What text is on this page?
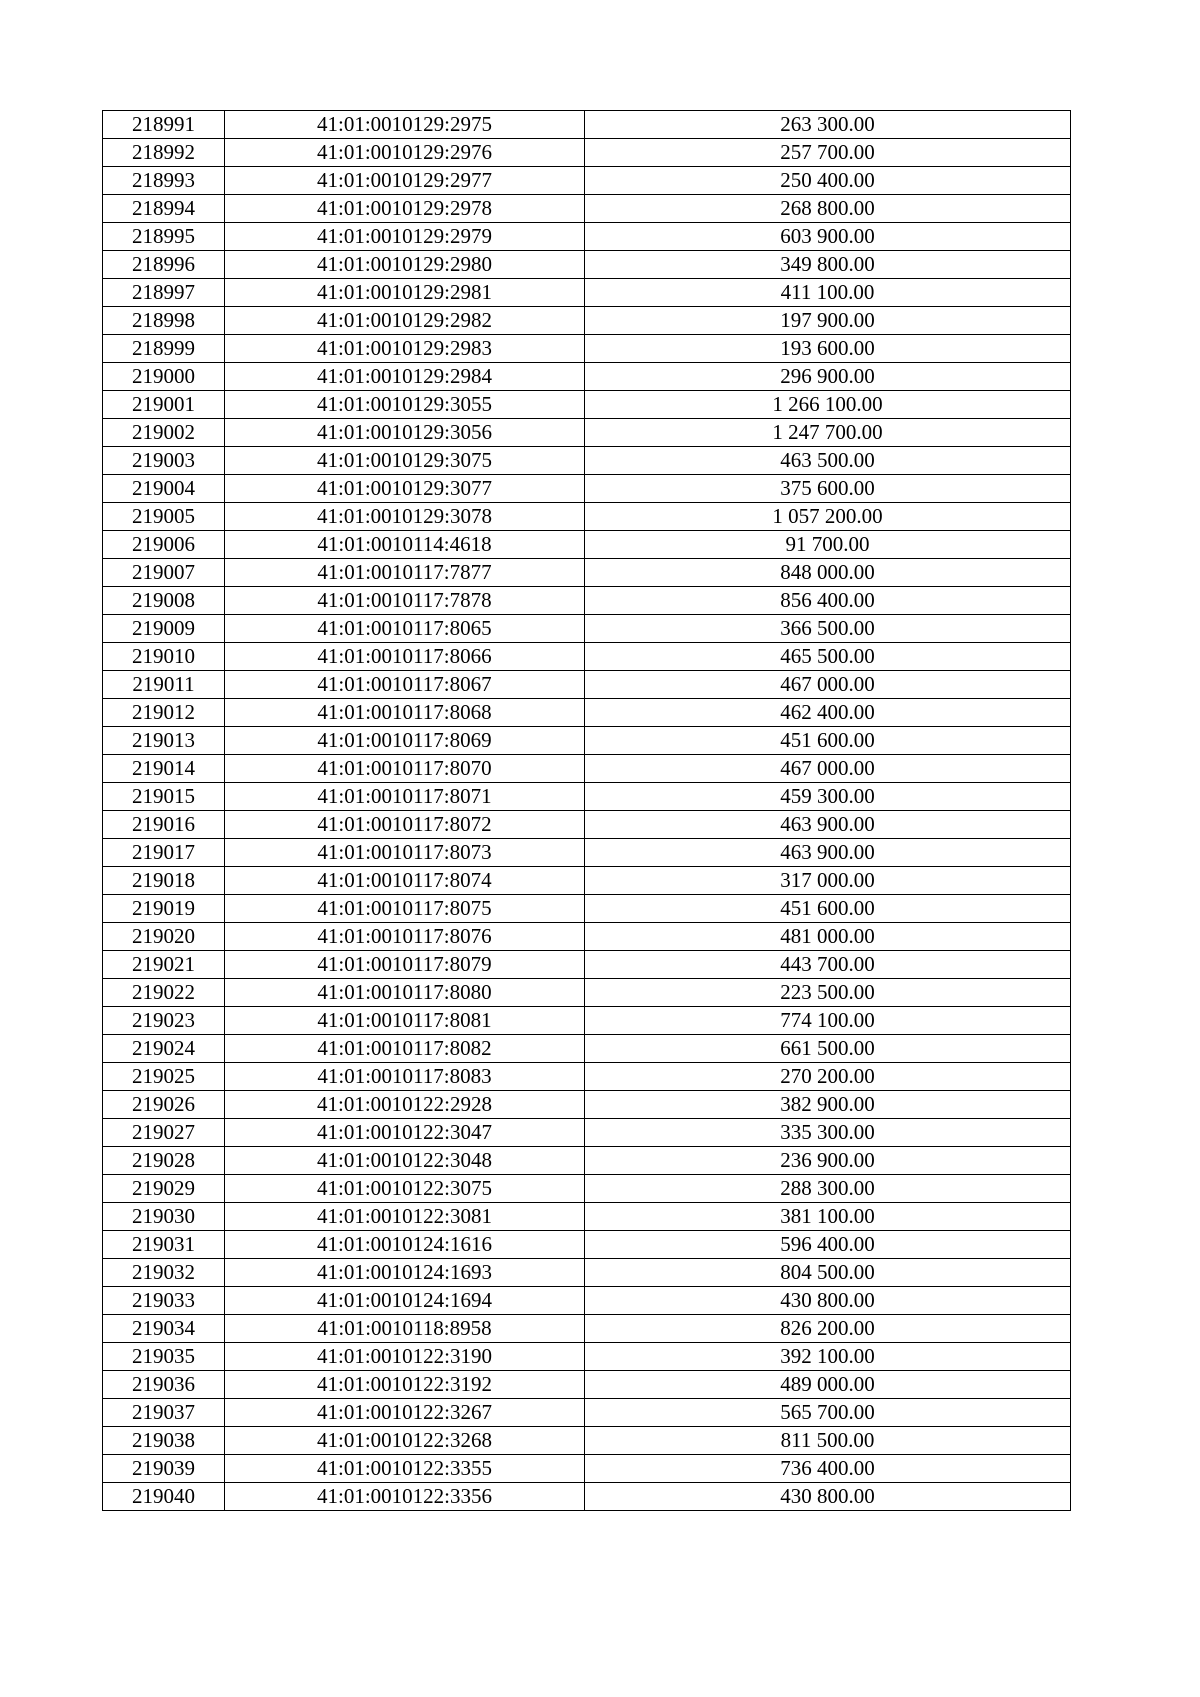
218991	41:01:0010129:2975	263 300.00
218992	41:01:0010129:2976	257 700.00
218993	41:01:0010129:2977	250 400.00
218994	41:01:0010129:2978	268 800.00
218995	41:01:0010129:2979	603 900.00
218996	41:01:0010129:2980	349 800.00
218997	41:01:0010129:2981	411 100.00
218998	41:01:0010129:2982	197 900.00
218999	41:01:0010129:2983	193 600.00
219000	41:01:0010129:2984	296 900.00
219001	41:01:0010129:3055	1 266 100.00
219002	41:01:0010129:3056	1 247 700.00
219003	41:01:0010129:3075	463 500.00
219004	41:01:0010129:3077	375 600.00
219005	41:01:0010129:3078	1 057 200.00
219006	41:01:0010114:4618	91 700.00
219007	41:01:0010117:7877	848 000.00
219008	41:01:0010117:7878	856 400.00
219009	41:01:0010117:8065	366 500.00
219010	41:01:0010117:8066	465 500.00
219011	41:01:0010117:8067	467 000.00
219012	41:01:0010117:8068	462 400.00
219013	41:01:0010117:8069	451 600.00
219014	41:01:0010117:8070	467 000.00
219015	41:01:0010117:8071	459 300.00
219016	41:01:0010117:8072	463 900.00
219017	41:01:0010117:8073	463 900.00
219018	41:01:0010117:8074	317 000.00
219019	41:01:0010117:8075	451 600.00
219020	41:01:0010117:8076	481 000.00
219021	41:01:0010117:8079	443 700.00
219022	41:01:0010117:8080	223 500.00
219023	41:01:0010117:8081	774 100.00
219024	41:01:0010117:8082	661 500.00
219025	41:01:0010117:8083	270 200.00
219026	41:01:0010122:2928	382 900.00
219027	41:01:0010122:3047	335 300.00
219028	41:01:0010122:3048	236 900.00
219029	41:01:0010122:3075	288 300.00
219030	41:01:0010122:3081	381 100.00
219031	41:01:0010124:1616	596 400.00
219032	41:01:0010124:1693	804 500.00
219033	41:01:0010124:1694	430 800.00
219034	41:01:0010118:8958	826 200.00
219035	41:01:0010122:3190	392 100.00
219036	41:01:0010122:3192	489 000.00
219037	41:01:0010122:3267	565 700.00
219038	41:01:0010122:3268	811 500.00
219039	41:01:0010122:3355	736 400.00
219040	41:01:0010122:3356	430 800.00
